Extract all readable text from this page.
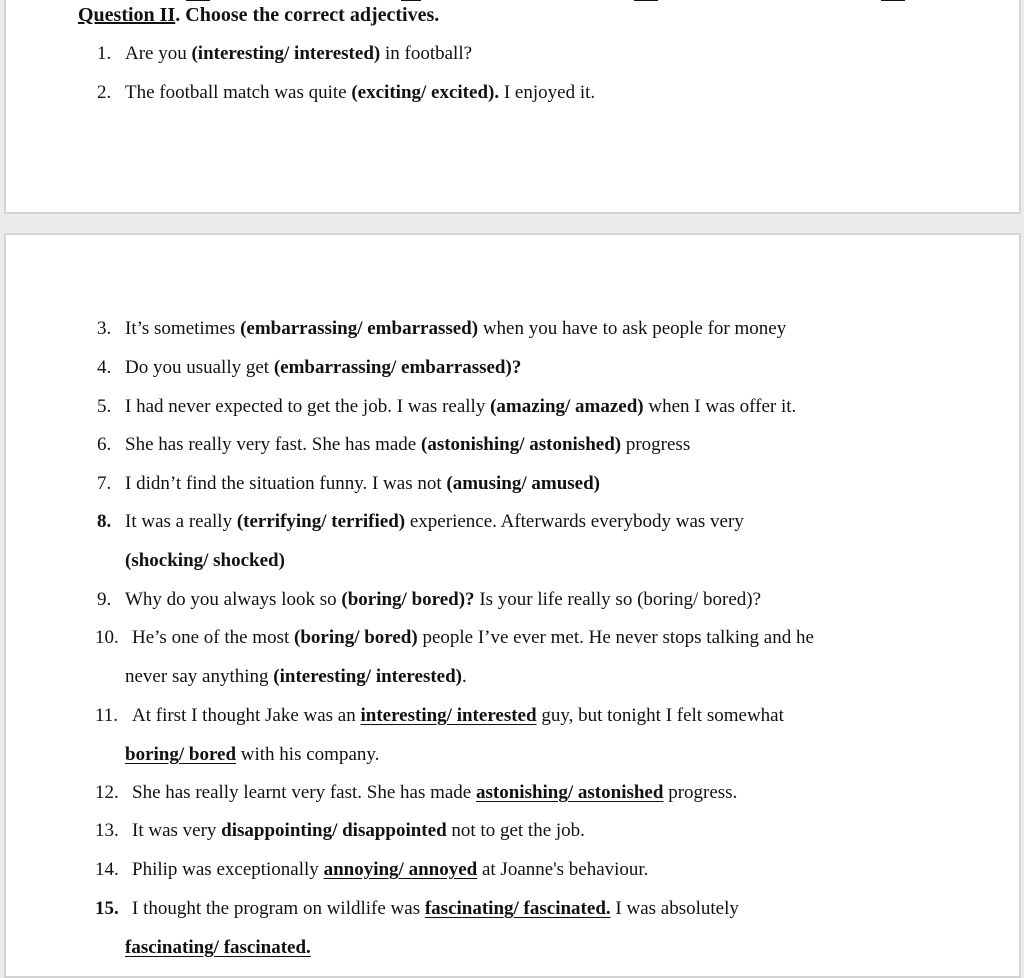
Question II. Choose the correct adjectives.

1. Are you (interesting/ interested) in football?
2. The football match was quite (exciting/ excited). I enjoyed it.
3. It’s sometimes (embarrassing/ embarrassed) when you have to ask people for money
4. Do you usually get (embarrassing/ embarrassed)?
5. I had never expected to get the job. I was really (amazing/ amazed) when I was offer it.
6. She has really very fast. She has made (astonishing/ astonished) progress
7. I didn’t find the situation funny. I was not (amusing/ amused)
8. It was a really (terrifying/ terrified) experience. Afterwards everybody was very
(shocking/ shocked)
9. Why do you always look so (boring/ bored)? Is your life really so (boring/ bored)?
10. He’s one of the most (boring/ bored) people I’ve ever met. He never stops talking and he
never say anything (interesting/ interested).
11. At first I thought Jake was an interesting/ interested guy, but tonight I felt somewhat
boring/ bored with his company.
12. She has really learnt very fast. She has made astonishing/ astonished progress.
13. It was very disappointing/ disappointed not to get the job.
14. Philip was exceptionally annoying/ annoyed at Joanne's behaviour.
15. I thought the program on wildlife was fascinating/ fascinated. I was absolutely
fascinating/ fascinated.
